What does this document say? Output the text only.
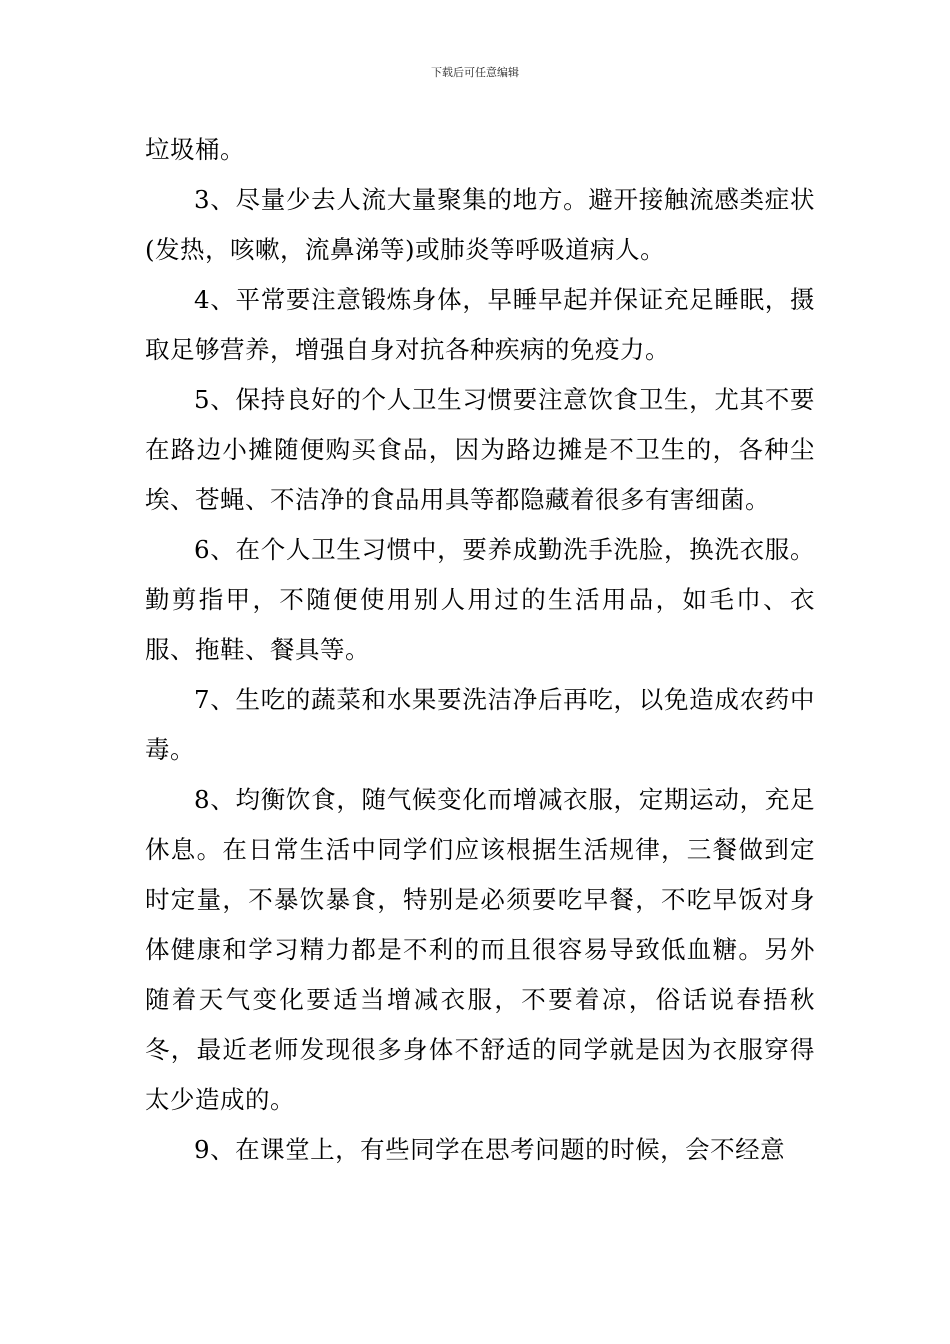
下载后可任意编辑

垃圾桶。

3、尽量少去人流大量聚集的地方。避开接触流感类症状(发热，咳嗽，流鼻涕等)或肺炎等呼吸道病人。

4、平常要注意锻炼身体，早睡早起并保证充足睡眠，摄取足够营养，增强自身对抗各种疾病的免疫力。

5、保持良好的个人卫生习惯要注意饮食卫生，尤其不要在路边小摊随便购买食品，因为路边摊是不卫生的，各种尘埃、苍蝇、不洁净的食品用具等都隐藏着很多有害细菌。

6、在个人卫生习惯中，要养成勤洗手洗脸，换洗衣服。勤剪指甲，不随便使用别人用过的生活用品，如毛巾、衣服、拖鞋、餐具等。

7、生吃的蔬菜和水果要洗洁净后再吃，以免造成农药中毒。

8、均衡饮食，随气候变化而增减衣服，定期运动，充足休息。在日常生活中同学们应该根据生活规律，三餐做到定时定量，不暴饮暴食，特别是必须要吃早餐，不吃早饭对身体健康和学习精力都是不利的而且很容易导致低血糖。另外随着天气变化要适当增减衣服，不要着凉，俗话说春捂秋冬，最近老师发现很多身体不舒适的同学就是因为衣服穿得太少造成的。

9、在课堂上，有些同学在思考问题的时候，会不经意
